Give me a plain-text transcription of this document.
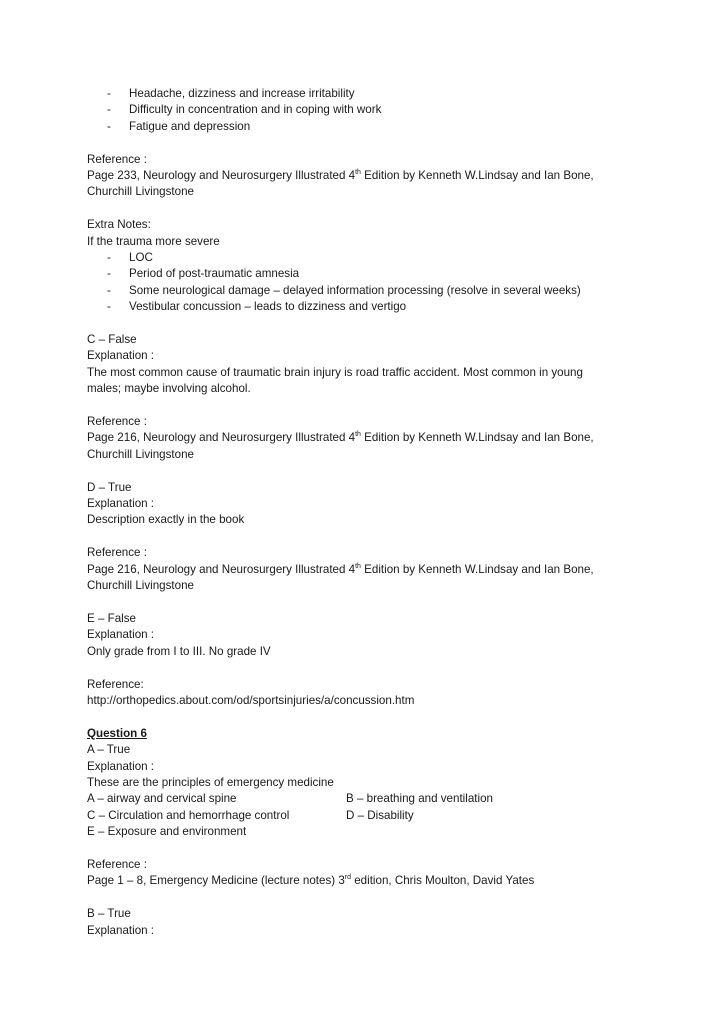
-	Headache, dizziness and increase irritability
-	Difficulty in concentration and in coping with work
-	Fatigue and depression
Reference :
Page 233, Neurology and Neurosurgery Illustrated 4th Edition by Kenneth W.Lindsay and Ian Bone,
Churchill Livingstone
Extra Notes:
If the trauma more severe
-	LOC
-	Period of post-traumatic amnesia
-	Some neurological damage – delayed information processing (resolve in several weeks)
-	Vestibular concussion – leads to dizziness and vertigo
C – False
Explanation :
The most common cause of traumatic brain injury is road traffic accident. Most common in young
males; maybe involving alcohol.
Reference :
Page 216, Neurology and Neurosurgery Illustrated 4th Edition by Kenneth W.Lindsay and Ian Bone,
Churchill Livingstone
D – True
Explanation :
Description exactly in the book
Reference :
Page 216, Neurology and Neurosurgery Illustrated 4th Edition by Kenneth W.Lindsay and Ian Bone,
Churchill Livingstone
E – False
Explanation :
Only grade from I to III. No grade IV
Reference:
http://orthopedics.about.com/od/sportsinjuries/a/concussion.htm
Question 6
A – True
Explanation :
These are the principles of emergency medicine
A – airway and cervical spine	B – breathing and ventilation
C – Circulation and hemorrhage control	D – Disability
E – Exposure and environment
Reference :
Page 1 – 8, Emergency Medicine (lecture notes) 3rd edition, Chris Moulton, David Yates
B – True
Explanation :
